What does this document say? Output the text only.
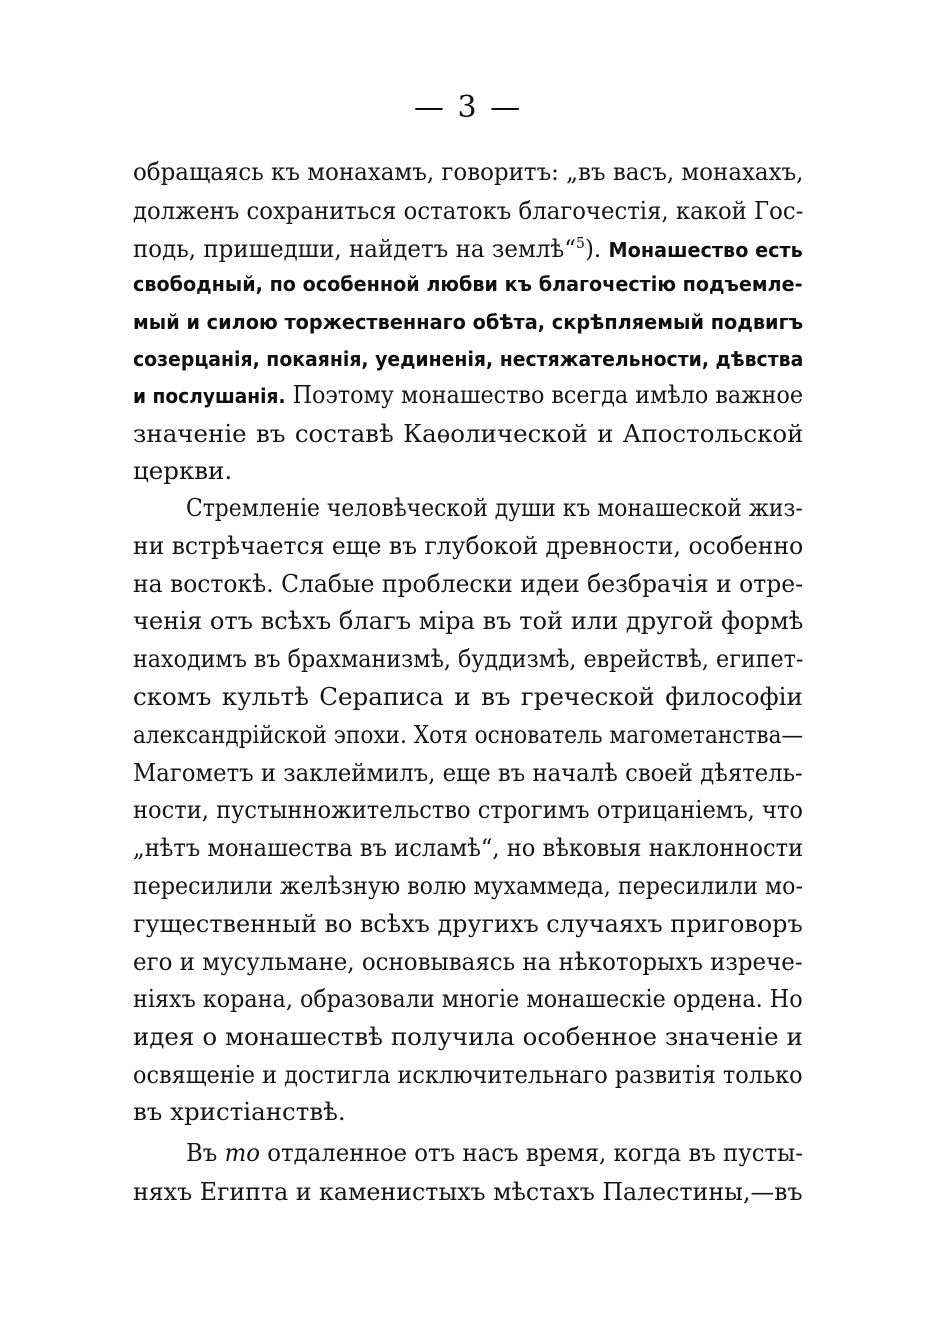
— 3 —
обращаясь къ монахамъ, говоритъ: „въ васъ, монахахъ,
долженъ сохраниться остатокъ благочестія, какой Гос-
подь, пришедши, найдетъ на землѣ“$^5$). Монашество есть
свободный, по особенной любви къ благочестію подъемле-
мый и силою торжественнаго обѣта, скрѣпляемый подвигъ
созерцанія, покаянія, уединенія, нестяжательности, дѣвства
и послушанія. Поэтому монашество всегда имѣло важное
значеніе въ составѣ Каѳолической и Апостольской
церкви.
Стремленіе человѣческой души къ монашеской жиз-
ни встрѣчается еще въ глубокой древности, особенно
на востокѣ. Слабые проблески идеи безбрачія и отре-
ченія отъ всѣхъ благъ міра въ той или другой формѣ
находимъ въ брахманизмѣ, буддизмѣ, еврействѣ, египет-
скомъ культѣ Сераписа и въ греческой философіи
александрійской эпохи. Хотя основатель магометанства—
Магометъ и заклеймилъ, еще въ началѣ своей дѣятель-
ности, пустынножительство строгимъ отрицаніемъ, что
„нѣтъ монашества въ исламѣ“, но вѣковыя наклонности
пересилили желѣзную волю мухаммеда, пересилили мо-
гущественный во всѣхъ другихъ случаяхъ приговоръ
его и мусульмане, основываясь на нѣкоторыхъ изрече-
ніяхъ корана, образовали многіе монашескіе ордена. Но
идея о монашествѣ получила особенное значеніе и
освященіе и достигла исключительнаго развитія только
въ христіанствѣ.
Въ то отдаленное отъ насъ время, когда въ пусты-
няхъ Египта и каменистыхъ мѣстахъ Палестины,—въ
